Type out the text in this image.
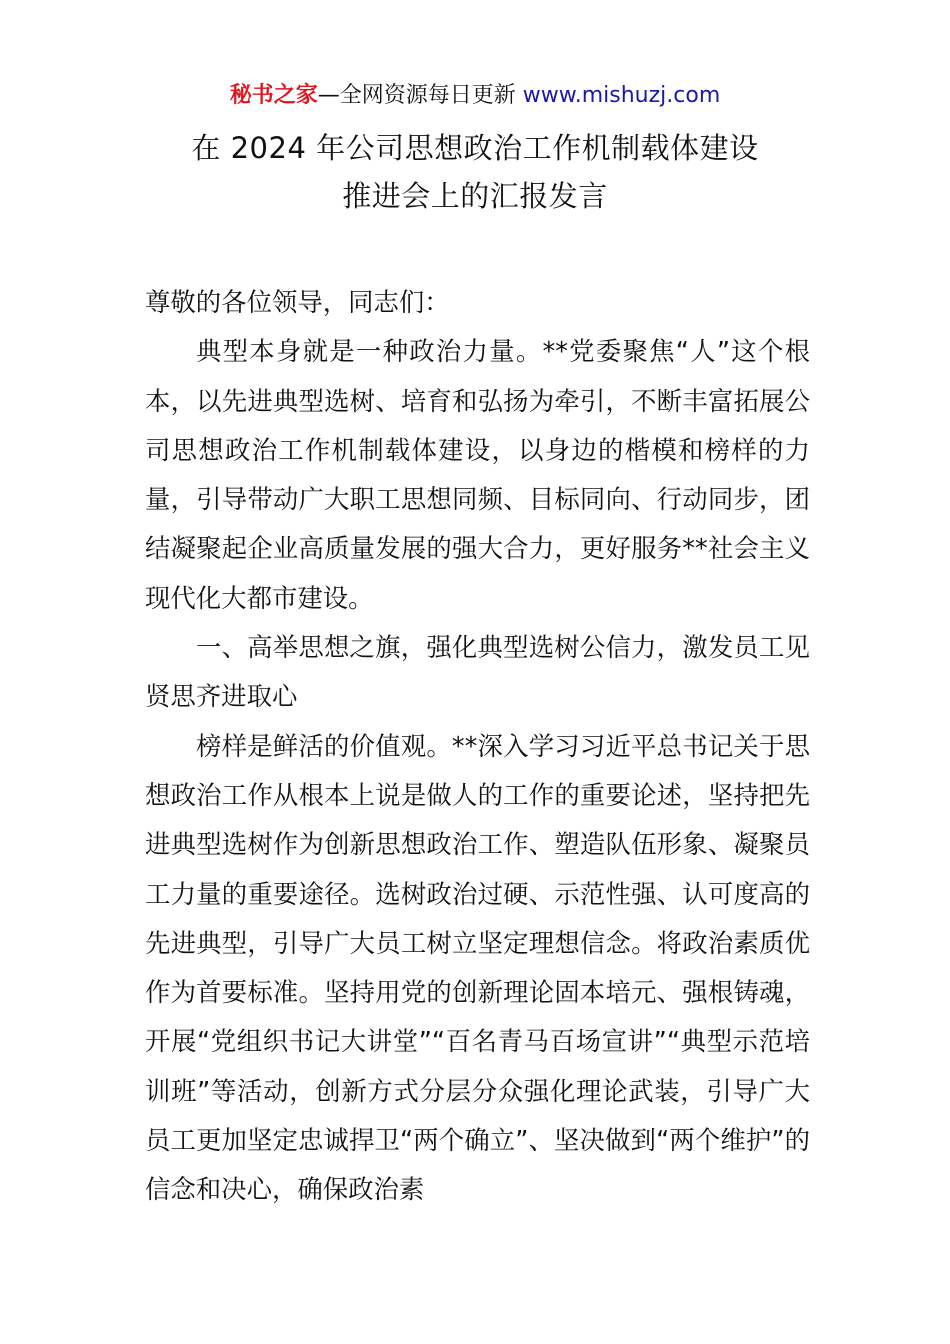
秘书之家—全网资源每日更新 www.mishuzj.com
在 2024 年公司思想政治工作机制载体建设
推进会上的汇报发言

尊敬的各位领导，同志们：

典型本身就是一种政治力量。**党委聚焦“人”这个根本，以先进典型选树、培育和弘扬为牵引，不断丰富拓展公司思想政治工作机制载体建设，以身边的楷模和榜样的力量，引导带动广大职工思想同频、目标同向、行动同步，团结凝聚起企业高质量发展的强大合力，更好服务**社会主义现代化大都市建设。

一、高举思想之旗，强化典型选树公信力，激发员工见贤思齐进取心

榜样是鲜活的价值观。**深入学习习近平总书记关于思想政治工作从根本上说是做人的工作的重要论述，坚持把先进典型选树作为创新思想政治工作、塑造队伍形象、凝聚员工力量的重要途径。选树政治过硬、示范性强、认可度高的先进典型，引导广大员工树立坚定理想信念。将政治素质优作为首要标准。坚持用党的创新理论固本培元、强根铸魂，开展“党组织书记大讲堂”“百名青马百场宣讲”“典型示范培训班”等活动，创新方式分层分众强化理论武装，引导广大员工更加坚定忠诚捍卫“两个确立”、坚决做到“两个维护”的信念和决心，确保政治素
